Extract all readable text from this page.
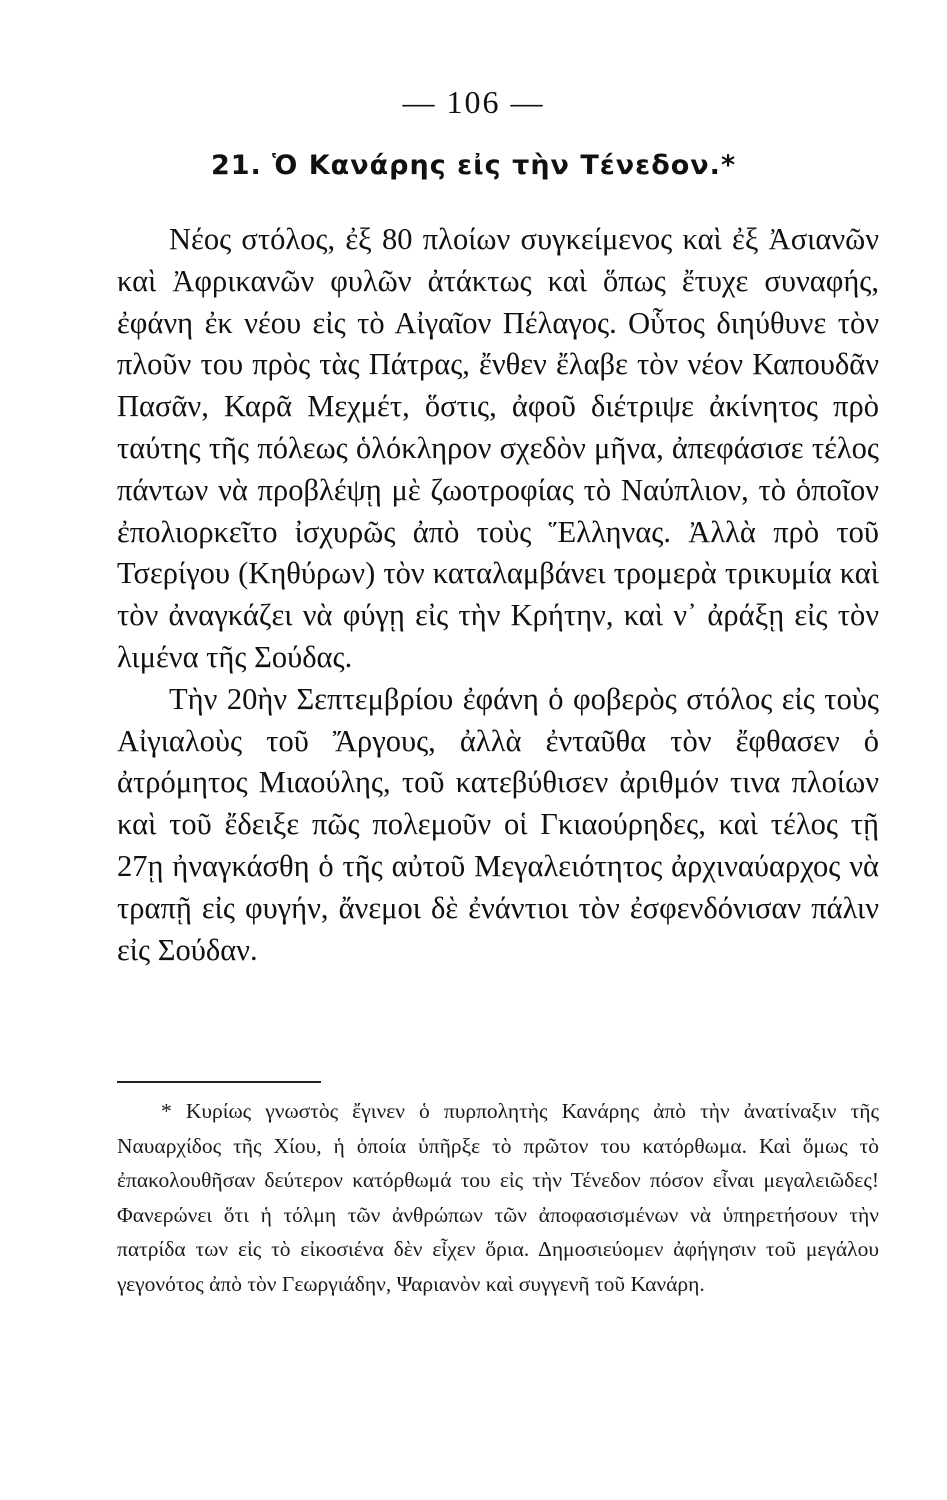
— 106 —
21. Ὁ Κανάρης εἰς τὴν Τένεδον.*

Νέος στόλος, ἐξ 80 πλοίων συγκείμενος καὶ ἐξ Ἀσιανῶν καὶ Ἀφρικανῶν φυλῶν ἀτάκτως καὶ ὅπως ἔτυχε συναφής, ἐφάνη ἐκ νέου εἰς τὸ Αἰγαῖον Πέλαγος. Οὗτος διηύθυνε τὸν πλοῦν του πρὸς τὰς Πάτρας, ἔνθεν ἔλαβε τὸν νέον Καπουδᾶν Πασᾶν, Καρᾶ Μεχμέτ, ὅστις, ἀφοῦ διέτριψε ἀκίνητος πρὸ ταύτης τῆς πόλεως ὁλόκληρον σχεδὸν μῆνα, ἀπεφάσισε τέλος πάντων νὰ προβλέψῃ μὲ ζωοτροφίας τὸ Ναύπλιον, τὸ ὁποῖον ἐπολιορκεῖτο ἰσχυρῶς ἀπὸ τοὺς Ἕλληνας. Ἀλλὰ πρὸ τοῦ Τσερίγου (Κηθύρων) τὸν καταλαμβάνει τρομερὰ τρικυμία καὶ τὸν ἀναγκάζει νὰ φύγῃ εἰς τὴν Κρήτην, καὶ ν᾽ ἀράξῃ εἰς τὸν λιμένα τῆς Σούδας.

Τὴν 20ὴν Σεπτεμβρίου ἐφάνη ὁ φοβερὸς στόλος εἰς τοὺς Αἰγιαλοὺς τοῦ Ἄργους, ἀλλὰ ἐνταῦθα τὸν ἔφθασεν ὁ ἀτρόμητος Μιαούλης, τοῦ κατεβύθισεν ἀριθμόν τινα πλοίων καὶ τοῦ ἔδειξε πῶς πολεμοῦν οἱ Γκιαούρηδες, καὶ τέλος τῇ 27ῃ ἠναγκάσθη ὁ τῆς αὐτοῦ Μεγαλειότητος ἀρχιναύαρχος νὰ τραπῇ εἰς φυγήν, ἄνεμοι δὲ ἐνάντιοι τὸν ἐσφενδόνισαν πάλιν εἰς Σούδαν.

* Κυρίως γνωστὸς ἔγινεν ὁ πυρπολητὴς Κανάρης ἀπὸ τὴν ἀνατίναξιν τῆς Ναυαρχίδος τῆς Χίου, ἡ ὁποία ὑπῆρξε τὸ πρῶτον του κατόρθωμα. Καὶ ὅμως τὸ ἐπακολουθῆσαν δεύτερον κατόρθωμά του εἰς τὴν Τένεδον πόσον εἶναι μεγαλειῶδες! Φανερώνει ὅτι ἡ τόλμη τῶν ἀνθρώπων τῶν ἀποφασισμένων νὰ ὑπηρετήσουν τὴν πατρίδα των εἰς τὸ εἰκοσιένα δὲν εἶχεν ὅρια. Δημοσιεύομεν ἀφήγησιν τοῦ μεγάλου γεγονότος ἀπὸ τὸν Γεωργιάδην, Ψαριανὸν καὶ συγγενῆ τοῦ Κανάρη.
